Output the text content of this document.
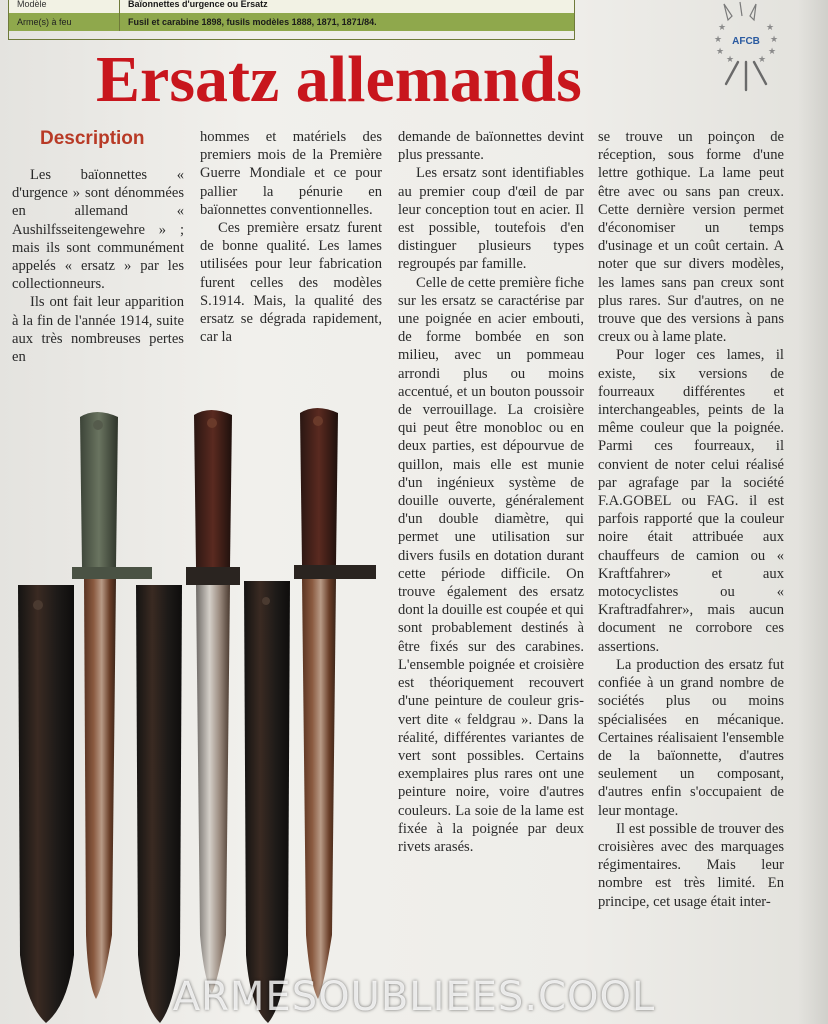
Modèle	Baïonnettes d'urgence ou Ersatz
Arme(s) à feu	Fusil et carabine 1898, fusils modèles 1888, 1871, 1871/84.	★	★
★	★
★	★
★	★
AFCB
Ersatz allemands
Description

Les baïonnettes « d'urgence » sont dénommées en allemand « Aushilfsseitengewehre » ; mais ils sont communément appelés « ersatz » par les collectionneurs.

Ils ont fait leur apparition à la fin de l'année 1914, suite aux très nombreuses pertes en

hommes et matériels des premiers mois de la Première Guerre Mondiale et ce pour pallier la pénurie en baïonnettes conventionnelles.

Ces première ersatz furent de bonne qualité. Les lames utilisées pour leur fabrication furent celles des modèles S.1914. Mais, la qualité des ersatz se dégrada rapidement, car la

demande de baïonnettes devint plus pressante.

Les ersatz sont identifiables au premier coup d'œil de par leur conception tout en acier. Il est possible, toutefois d'en distinguer plusieurs types regroupés par famille.

Celle de cette première fiche sur les ersatz se caractérise par une poignée en acier embouti, de forme bombée en son milieu, avec un pommeau arrondi plus ou moins accentué, et un bouton poussoir de verrouillage. La croisière qui peut être monobloc ou en deux parties, est dépourvue de quillon, mais elle est munie d'un ingénieux système de douille ouverte, généralement d'un double diamètre, qui permet une utilisation sur divers fusils en dotation durant cette période difficile. On trouve également des ersatz dont la douille est coupée et qui sont probablement destinés à être fixés sur des carabines. L'ensemble poignée et croisière est théoriquement recouvert d'une peinture de couleur gris-vert dite « feldgrau ». Dans la réalité, différentes variantes de vert sont possibles. Certains exemplaires plus rares ont une peinture noire, voire d'autres couleurs. La soie de la lame est fixée à la poignée par deux rivets arasés.

se trouve un poinçon de réception, sous forme d'une lettre gothique. La lame peut être avec ou sans pan creux. Cette dernière version permet d'économiser un temps d'usinage et un coût certain. A noter que sur divers modèles, les lames sans pan creux sont plus rares. Sur d'autres, on ne trouve que des versions à pans creux ou à lame plate.

Pour loger ces lames, il existe, six versions de fourreaux différentes et interchangeables, peints de la même couleur que la poignée. Parmi ces fourreaux, il convient de noter celui réalisé par agrafage par la société F.A.GOBEL ou FAG. il est parfois rapporté que la couleur noire était attribuée aux chauffeurs de camion ou « Kraftfahrer» et aux motocyclistes ou « Kraftradfahrer», mais aucun document ne corrobore ces assertions.

La production des ersatz fut confiée à un grand nombre de sociétés plus ou moins spécialisées en mécanique. Certaines réalisaient l'ensemble de la baïonnette, d'autres seulement un composant, d'autres enfin s'occupaient de leur montage.

Il est possible de trouver des croisières avec des marquages régimentaires. Mais leur nombre est très limité. En principe, cet usage était inter-

ARMESOUBLIEES.COOL
